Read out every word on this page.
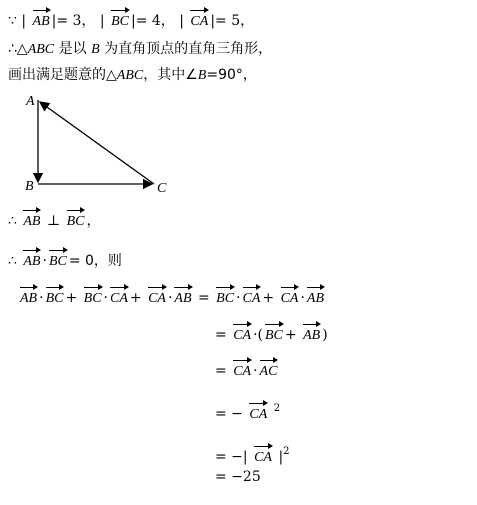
∵ | AB |= 3， | BC |= 4， | CA |= 5，
∴△ABC 是以 B 为直角顶点的直角三角形，
画出满足题意的△ABC，其中∠B=90°，
A
B	C
∴ AB ⊥ BC ，
∴ AB · BC = 0，则
AB · BC + BC · CA + CA · AB = BC · CA + CA · AB
= CA ·( BC + AB )
= CA · AC
= − CA $^2$
= −| CA $|^2$
= −25
